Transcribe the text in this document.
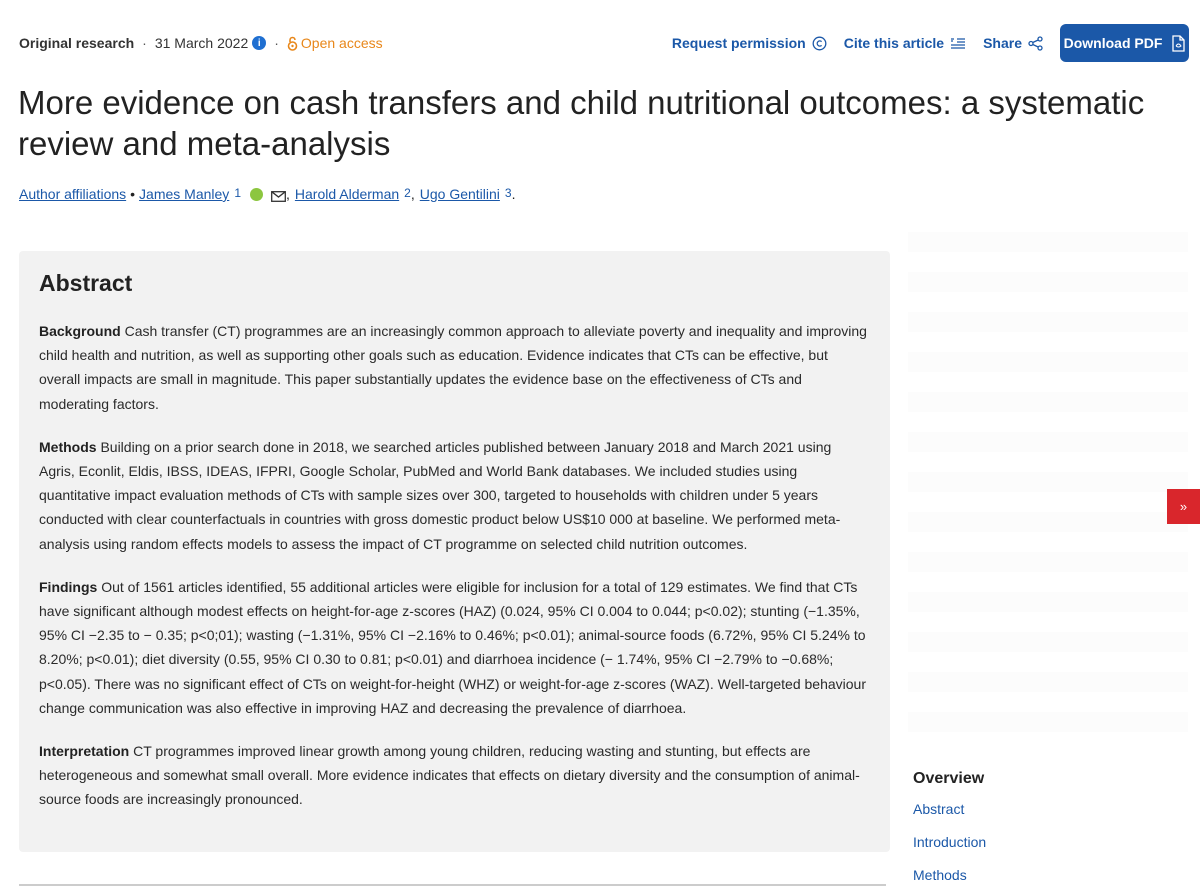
Original research · 31 March 2022 i · Open access	Request permission	Cite this article	Share	Download PDF
More evidence on cash transfers and child nutritional outcomes: a systematic review and meta-analysis
Author affiliations • James Manley $^1$	, Harold Alderman $^2$ , Ugo Gentilini $^3$ .
Abstract

Background Cash transfer (CT) programmes are an increasingly common approach to alleviate poverty and inequality and improving child health and nutrition, as well as supporting other goals such as education. Evidence indicates that CTs can be effective, but overall impacts are small in magnitude. This paper substantially updates the evidence base on the effectiveness of CTs and moderating factors.

Methods Building on a prior search done in 2018, we searched articles published between January 2018 and March 2021 using Agris, Econlit, Eldis, IBSS, IDEAS, IFPRI, Google Scholar, PubMed and World Bank databases. We included studies using quantitative impact evaluation methods of CTs with sample sizes over 300, targeted to households with children under 5 years conducted with clear counterfactuals in countries with gross domestic product below US$10 000 at baseline. We performed meta-analysis using random effects models to assess the impact of CT programme on selected child nutrition outcomes.

Findings Out of 1561 articles identified, 55 additional articles were eligible for inclusion for a total of 129 estimates. We find that CTs have significant although modest effects on height-for-age z-scores (HAZ) (0.024, 95% CI 0.004 to 0.044; p<0.02); stunting (−1.35%, 95% CI −2.35 to − 0.35; p<0;01); wasting (−1.31%, 95% CI −2.16% to 0.46%; p<0.01); animal-source foods (6.72%, 95% CI 5.24% to 8.20%; p<0.01); diet diversity (0.55, 95% CI 0.30 to 0.81; p<0.01) and diarrhoea incidence (− 1.74%, 95% CI −2.79% to −0.68%; p<0.05). There was no significant effect of CTs on weight-for-height (WHZ) or weight-for-age z-scores (WAZ). Well-targeted behaviour change communication was also effective in improving HAZ and decreasing the prevalence of diarrhoea.

Interpretation CT programmes improved linear growth among young children, reducing wasting and stunting, but effects are heterogeneous and somewhat small overall. More evidence indicates that effects on dietary diversity and the consumption of animal-source foods are increasingly pronounced.

»
Overview
Abstract
Introduction
Methods
